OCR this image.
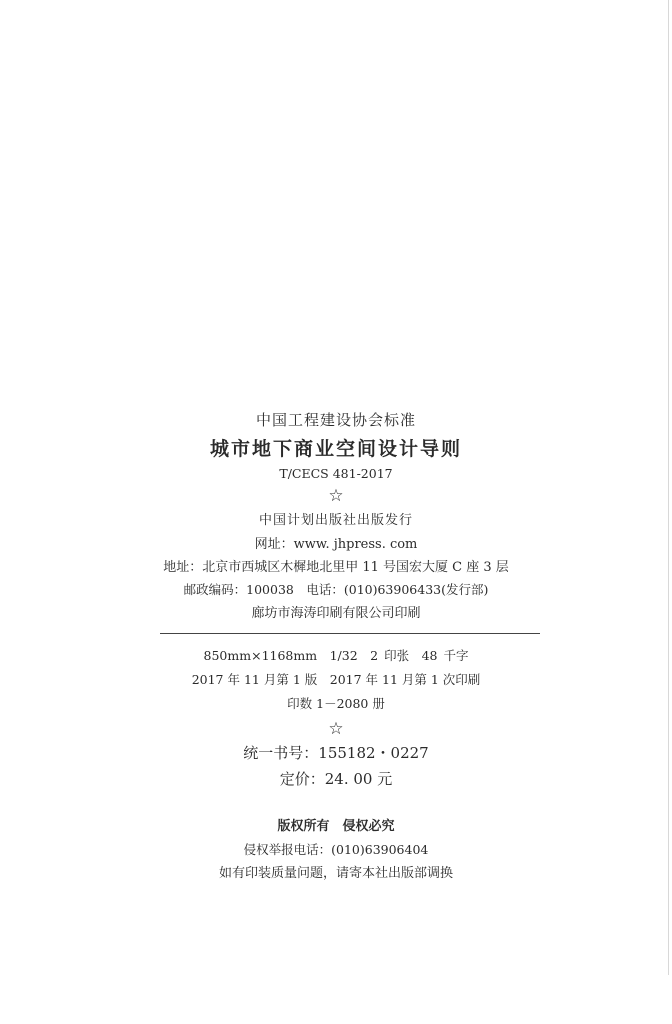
中国工程建设协会标准
城市地下商业空间设计导则
T/CECS 481-2017
☆
中国计划出版社出版发行
网址：www. jhpress. com
地址：北京市西城区木樨地北里甲 11 号国宏大厦 C 座 3 层
邮政编码：100038　电话：(010)63906433(发行部)
廊坊市海涛印刷有限公司印刷
850mm×1168mm　1/32　2 印张　48 千字
2017 年 11 月第 1 版　2017 年 11 月第 1 次印刷
印数 1－2080 册
☆
统一书号：155182・0227
定价：24. 00 元
版权所有　侵权必究
侵权举报电话：(010)63906404
如有印装质量问题，请寄本社出版部调换
